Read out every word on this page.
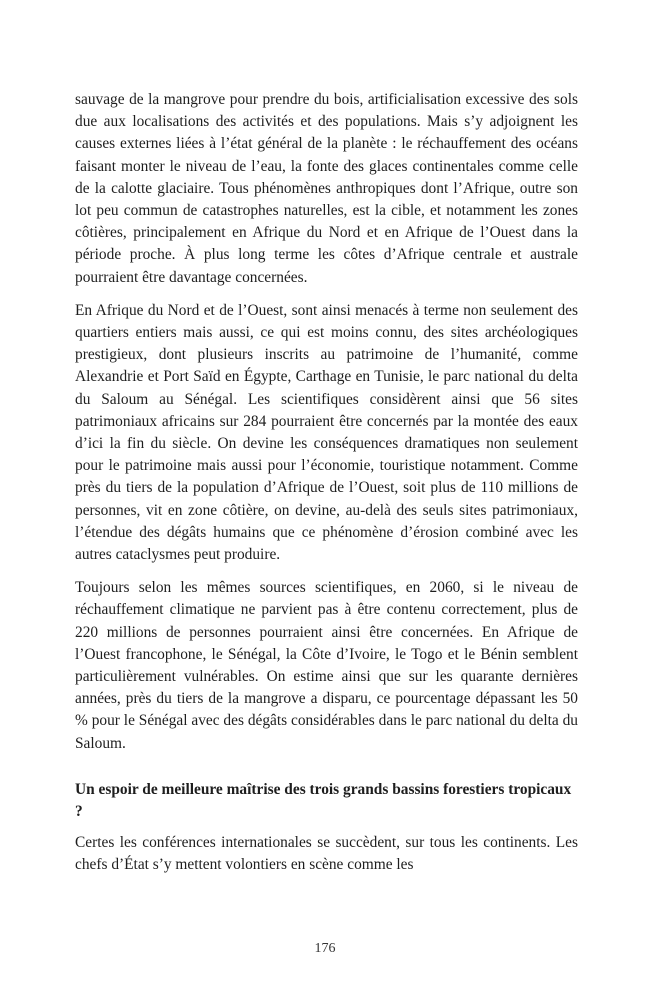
sauvage de la mangrove pour prendre du bois, artificialisation excessive des sols due aux localisations des activités et des populations. Mais s’y adjoignent les causes externes liées à l’état général de la planète : le réchauffement des océans faisant monter le niveau de l’eau, la fonte des glaces continentales comme celle de la calotte glaciaire. Tous phénomènes anthropiques dont l’Afrique, outre son lot peu commun de catastrophes naturelles, est la cible, et notamment les zones côtières, principalement en Afrique du Nord et en Afrique de l’Ouest dans la période proche. À plus long terme les côtes d’Afrique centrale et australe pourraient être davantage concernées.

En Afrique du Nord et de l’Ouest, sont ainsi menacés à terme non seulement des quartiers entiers mais aussi, ce qui est moins connu, des sites archéologiques prestigieux, dont plusieurs inscrits au patrimoine de l’humanité, comme Alexandrie et Port Saïd en Égypte, Carthage en Tunisie, le parc national du delta du Saloum au Sénégal. Les scientifiques considèrent ainsi que 56 sites patrimoniaux africains sur 284 pourraient être concernés par la montée des eaux d’ici la fin du siècle. On devine les conséquences dramatiques non seulement pour le patrimoine mais aussi pour l’économie, touristique notamment. Comme près du tiers de la population d’Afrique de l’Ouest, soit plus de 110 millions de personnes, vit en zone côtière, on devine, au-delà des seuls sites patrimoniaux, l’étendue des dégâts humains que ce phénomène d’érosion combiné avec les autres cataclysmes peut produire.

Toujours selon les mêmes sources scientifiques, en 2060, si le niveau de réchauffement climatique ne parvient pas à être contenu correctement, plus de 220 millions de personnes pourraient ainsi être concernées. En Afrique de l’Ouest francophone, le Sénégal, la Côte d’Ivoire, le Togo et le Bénin semblent particulièrement vulnérables. On estime ainsi que sur les quarante dernières années, près du tiers de la mangrove a disparu, ce pourcentage dépassant les 50 % pour le Sénégal avec des dégâts considérables dans le parc national du delta du Saloum.

Un espoir de meilleure maîtrise des trois grands bassins forestiers tropicaux ?

Certes les conférences internationales se succèdent, sur tous les continents. Les chefs d’État s’y mettent volontiers en scène comme les

176
